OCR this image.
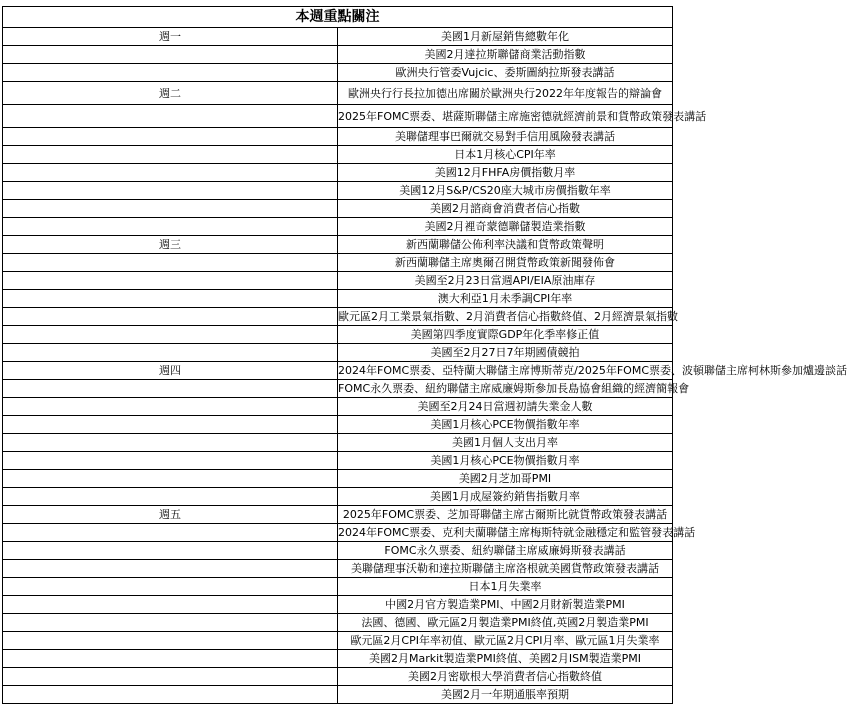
本週重點關注	
週一	美國1月新屋銷售總數年化
	美國2月達拉斯聯儲商業活動指數
	歐洲央行管委Vujcic、委斯圖納拉斯發表講話
週二	歐洲央行行長拉加德出席關於歐洲央行2022年年度報告的辯論會
	2025年FOMC票委、堪薩斯聯儲主席施密德就經濟前景和貨幣政策發表講話
	美聯儲理事巴爾就交易對手信用風險發表講話
	日本1月核心CPI年率
	美國12月FHFA房價指數月率
	美國12月S&P/CS20座大城市房價指數年率
	美國2月諮商會消費者信心指數
	美國2月裡奇蒙德聯儲製造業指數
週三	新西蘭聯儲公佈利率決議和貨幣政策聲明
	新西蘭聯儲主席奧爾召開貨幣政策新聞發佈會
	美國至2月23日當週API/EIA原油庫存
	澳大利亞1月未季調CPI年率
	歐元區2月工業景氣指數、2月消費者信心指數終值、2月經濟景氣指數
	美國第四季度實際GDP年化季率修正值
	美國至2月27日7年期國債競拍
週四	2024年FOMC票委、亞特蘭大聯儲主席博斯蒂克/2025年FOMC票委、波頓聯儲主席柯林斯參加爐邊談話
	FOMC永久票委、紐約聯儲主席威廉姆斯參加長島協會組織的經濟簡報會
	美國至2月24日當週初請失業金人數
	美國1月核心PCE物價指數年率
	美國1月個人支出月率
	美國1月核心PCE物價指數月率
	美國2月芝加哥PMI
	美國1月成屋簽約銷售指數月率
週五	2025年FOMC票委、芝加哥聯儲主席古爾斯比就貨幣政策發表講話
	2024年FOMC票委、克利夫蘭聯儲主席梅斯特就金融穩定和監管發表講話
	FOMC永久票委、紐約聯儲主席威廉姆斯發表講話
	美聯儲理事沃勒和達拉斯聯儲主席洛根就美國貨幣政策發表講話
	日本1月失業率
	中國2月官方製造業PMI、中國2月財新製造業PMI
	法國、德國、歐元區2月製造業PMI終值,英國2月製造業PMI
	歐元區2月CPI年率初值、歐元區2月CPI月率、歐元區1月失業率
	美國2月Markit製造業PMI終值、美國2月ISM製造業PMI
	美國2月密歇根大學消費者信心指數終值
	美國2月一年期通脹率預期
